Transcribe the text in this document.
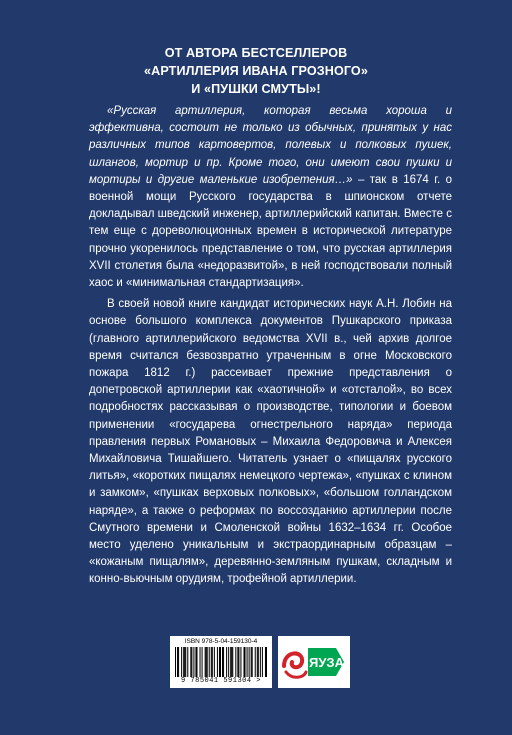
ОТ АВТОРА БЕСТСЕЛЛЕРОВ
«АРТИЛЛЕРИЯ ИВАНА ГРОЗНОГО»
И «ПУШКИ СМУТЫ»!

«Русская артиллерия, которая весьма хороша и эффективна, состоит не только из обычных, принятых у нас различных типов картовертов, полевых и полковых пушек, шлангов, мортир и пр. Кроме того, они имеют свои пушки и мортиры и другие маленькие изобретения…» – так в 1674 г. о военной мощи Русского государства в шпионском отчете докладывал шведский инженер, артиллерийский капитан. Вместе с тем еще с дореволюционных времен в исторической литературе прочно укоренилось представление о том, что русская артиллерия XVII столетия была «недоразвитой», в ней господствовали полный хаос и «минимальная стандартизация».

В своей новой книге кандидат исторических наук А.Н. Лобин на основе большого комплекса документов Пушкарского приказа (главного артиллерийского ведомства XVII в., чей архив долгое время считался безвозвратно утраченным в огне Московского пожара 1812 г.) рассеивает прежние представления о допетровской артиллерии как «хаотичной» и «отсталой», во всех подробностях рассказывая о производстве, типологии и боевом применении «государева огнестрельного наряда» периода правления первых Романовых – Михаила Федоровича и Алексея Михайловича Тишайшего. Читатель узнает о «пищалях русского литья», «коротких пищалях немецкого чертежа», «пушках с клином и замком», «пушках верховых полковых», «большом голландском наряде», а также о реформах по воссозданию артиллерии после Смутного времени и Смоленской войны 1632–1634 гг. Особое место уделено уникальным и экстраординарным образцам – «кожаным пищалям», деревянно-земляным пушкам, складным и конно-вьючным орудиям, трофейной артиллерии.

ISBN 978-5-04-159130-4
9 785041 591304 >
ЯУЗА
